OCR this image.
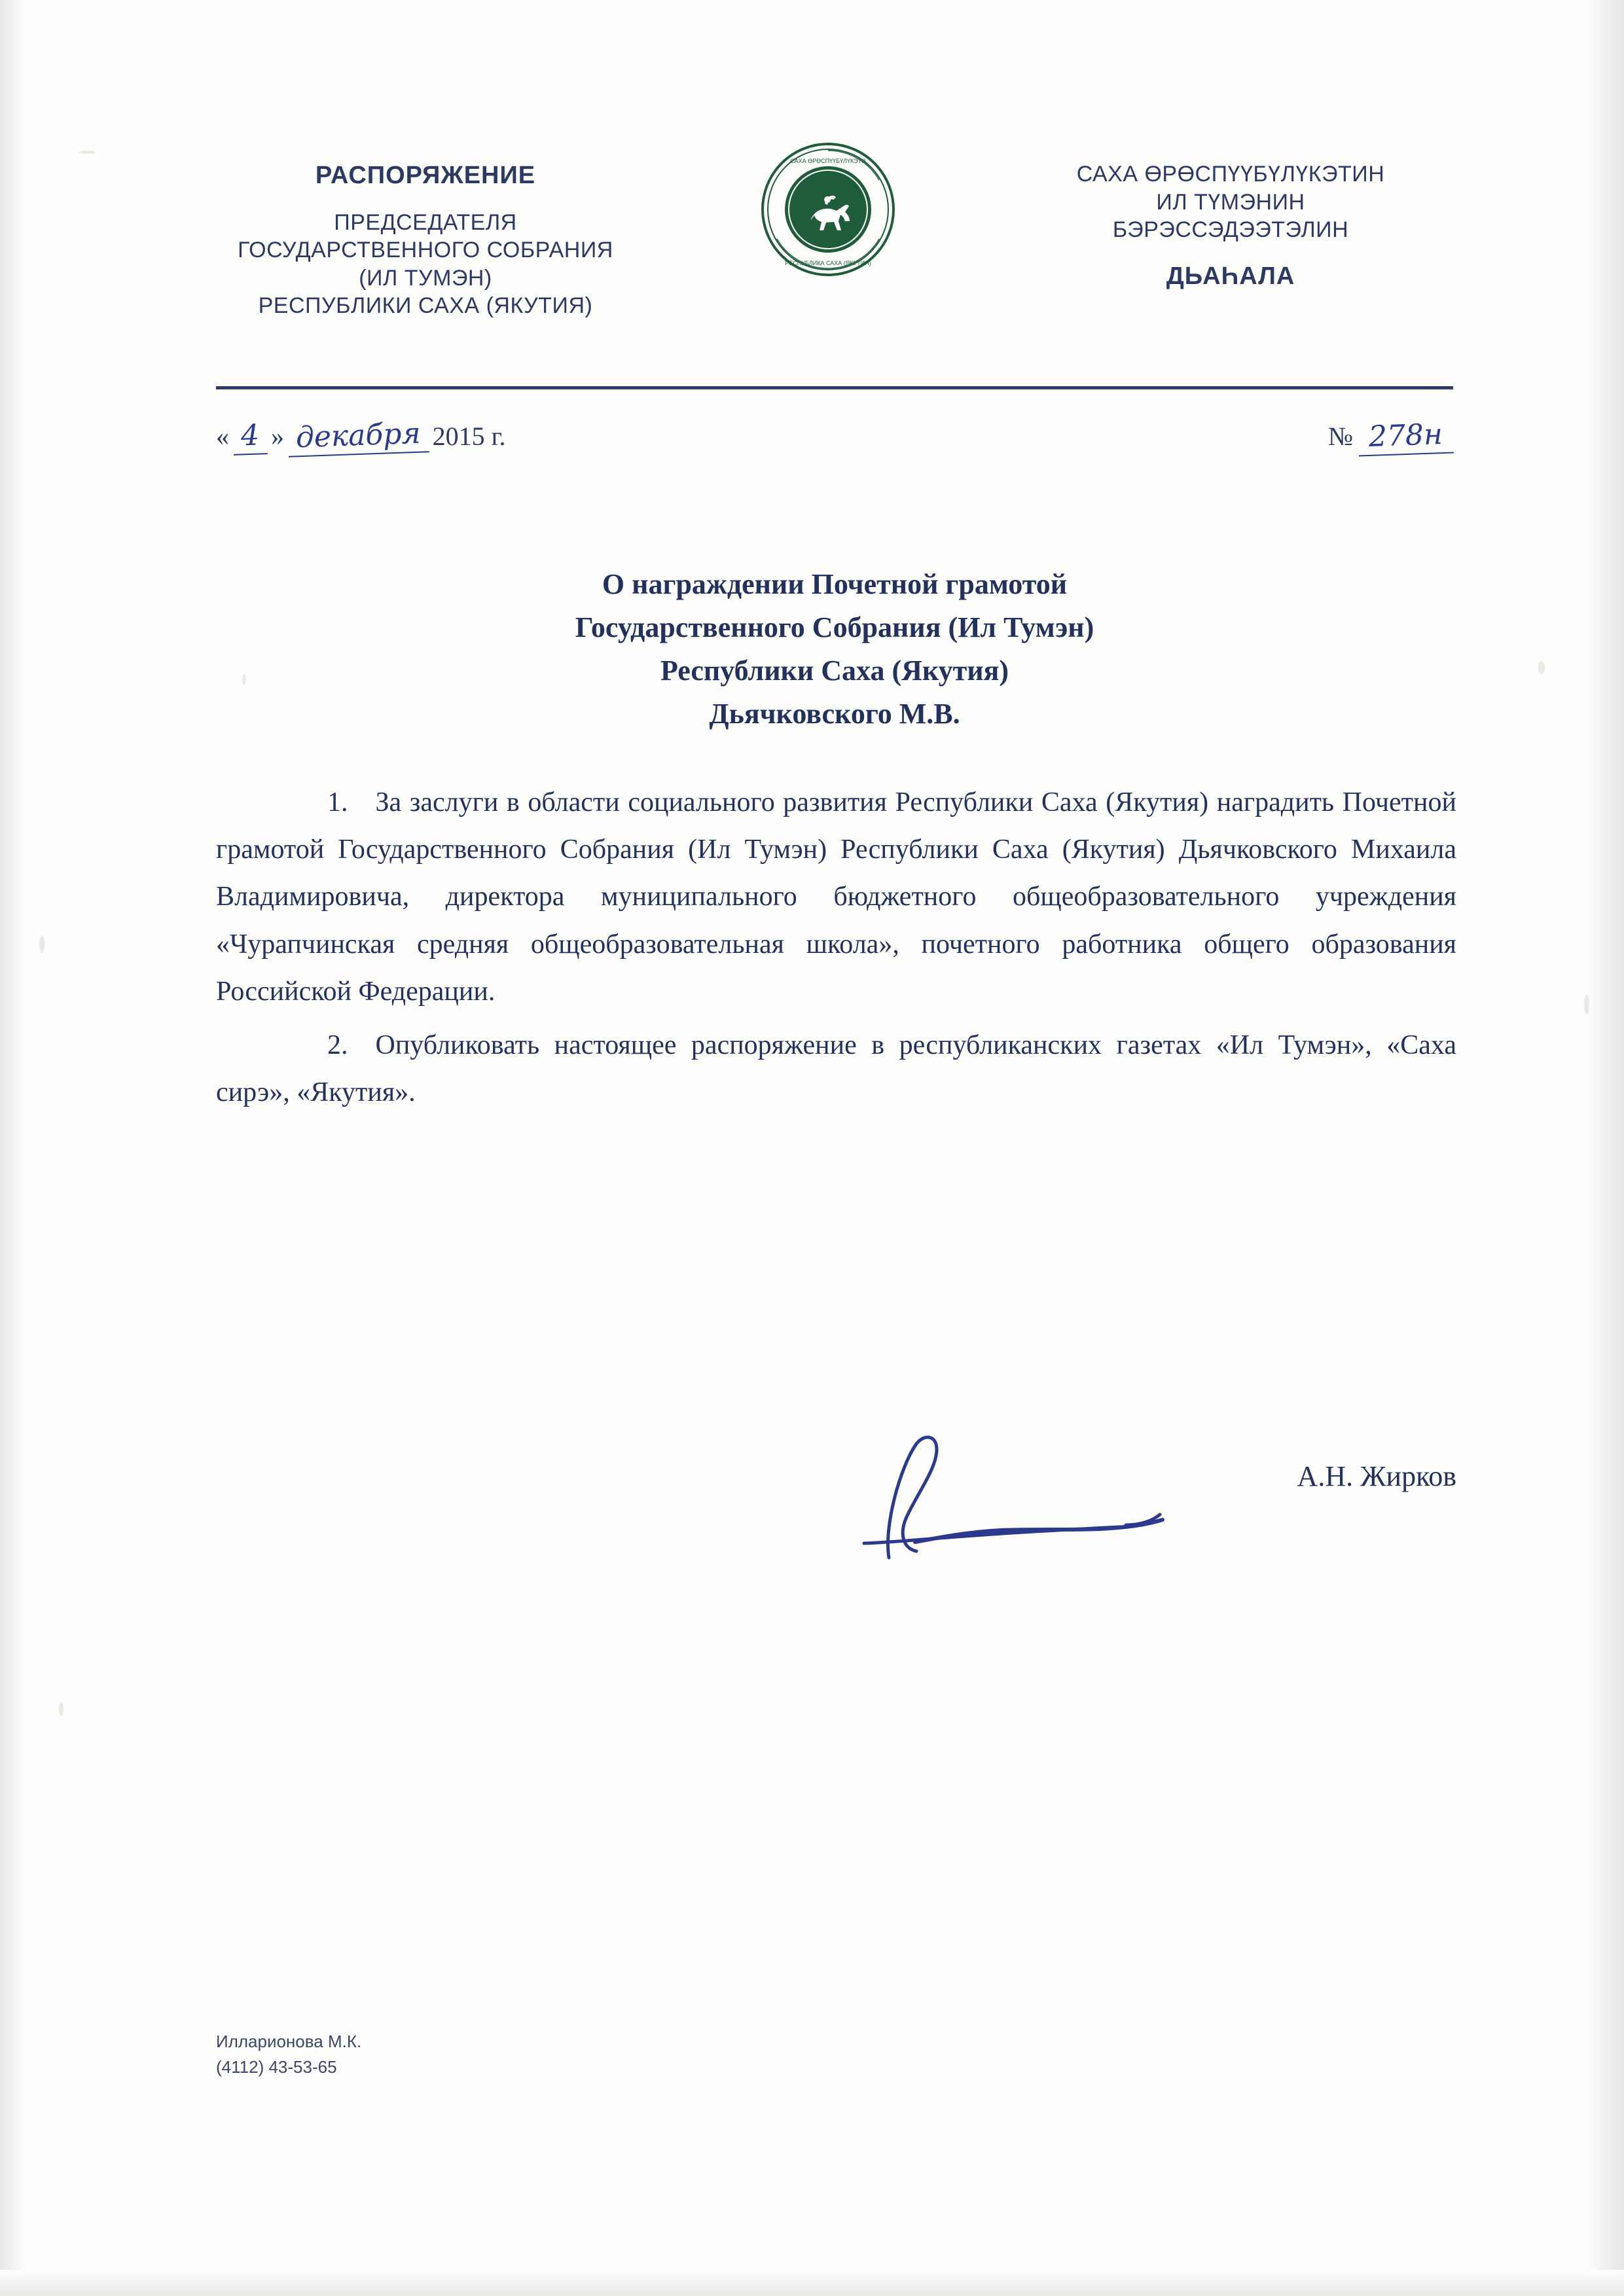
РАСПОРЯЖЕНИЕ
ПРЕДСЕДАТЕЛЯ
ГОСУДАРСТВЕННОГО СОБРАНИЯ
(ИЛ ТУМЭН)
РЕСПУБЛИКИ САХА (ЯКУТИЯ)
САХА ӨРӨСПҮҮБҮЛҮКЭТЭ
РЕСПУБЛИКА САХА (ЯКУТИЯ)
САХА ӨРӨСПҮҮБҮЛҮКЭТИН
ИЛ ТҮМЭНИН
БЭРЭССЭДЭЭТЭЛИН
ДЬАҺАЛА
« 4 » декабря 2015 г.	№ 278н
О награждении Почетной грамотой
Государственного Собрания (Ил Тумэн)
Республики Саха (Якутия)
Дьячковского М.В.

1. За заслуги в области социального развития Республики Саха (Якутия) наградить Почетной грамотой Государственного Собрания (Ил Тумэн) Республики Саха (Якутия) Дьячковского Михаила Владимировича, директора муниципального бюджетного общеобразовательного учреждения «Чурапчинская средняя общеобразовательная школа», почетного работника общего образования Российской Федерации.

2. Опубликовать настоящее распоряжение в республиканских газетах «Ил Тумэн», «Саха сирэ», «Якутия».

А.Н. Жирков
Илларионова М.К.
(4112) 43-53-65
